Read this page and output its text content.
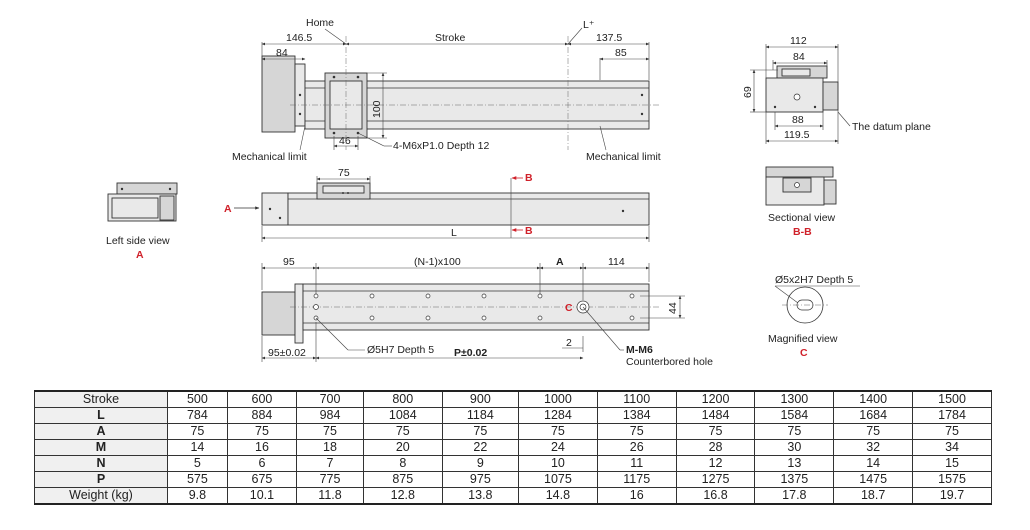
146.5
84
Home
Stroke
L⁺
137.5
85
100
46	4-M6xP1.0 Depth 12
Mechanical limit	Mechanical limit
75	B
B
A
L
95	(N-1)x100	A	114
44
C
2
Ø5H7 Depth 5
95±0.02	P±0.02	M-M6
Counterbored hole
Left side view
A
112
84
69
88
119.5
The datum plane
Sectional view
B-B
Ø5x2H7 Depth 5
Magnified view
C
Stroke	500	600	700	800	900	1000	1100	1200	1300	1400	1500
L	784	884	984	1084	1184	1284	1384	1484	1584	1684	1784
A	75	75	75	75	75	75	75	75	75	75	75
M	14	16	18	20	22	24	26	28	30	32	34
N	5	6	7	8	9	10	11	12	13	14	15
P	575	675	775	875	975	1075	1175	1275	1375	1475	1575
Weight (kg)	9.8	10.1	11.8	12.8	13.8	14.8	16	16.8	17.8	18.7	19.7
